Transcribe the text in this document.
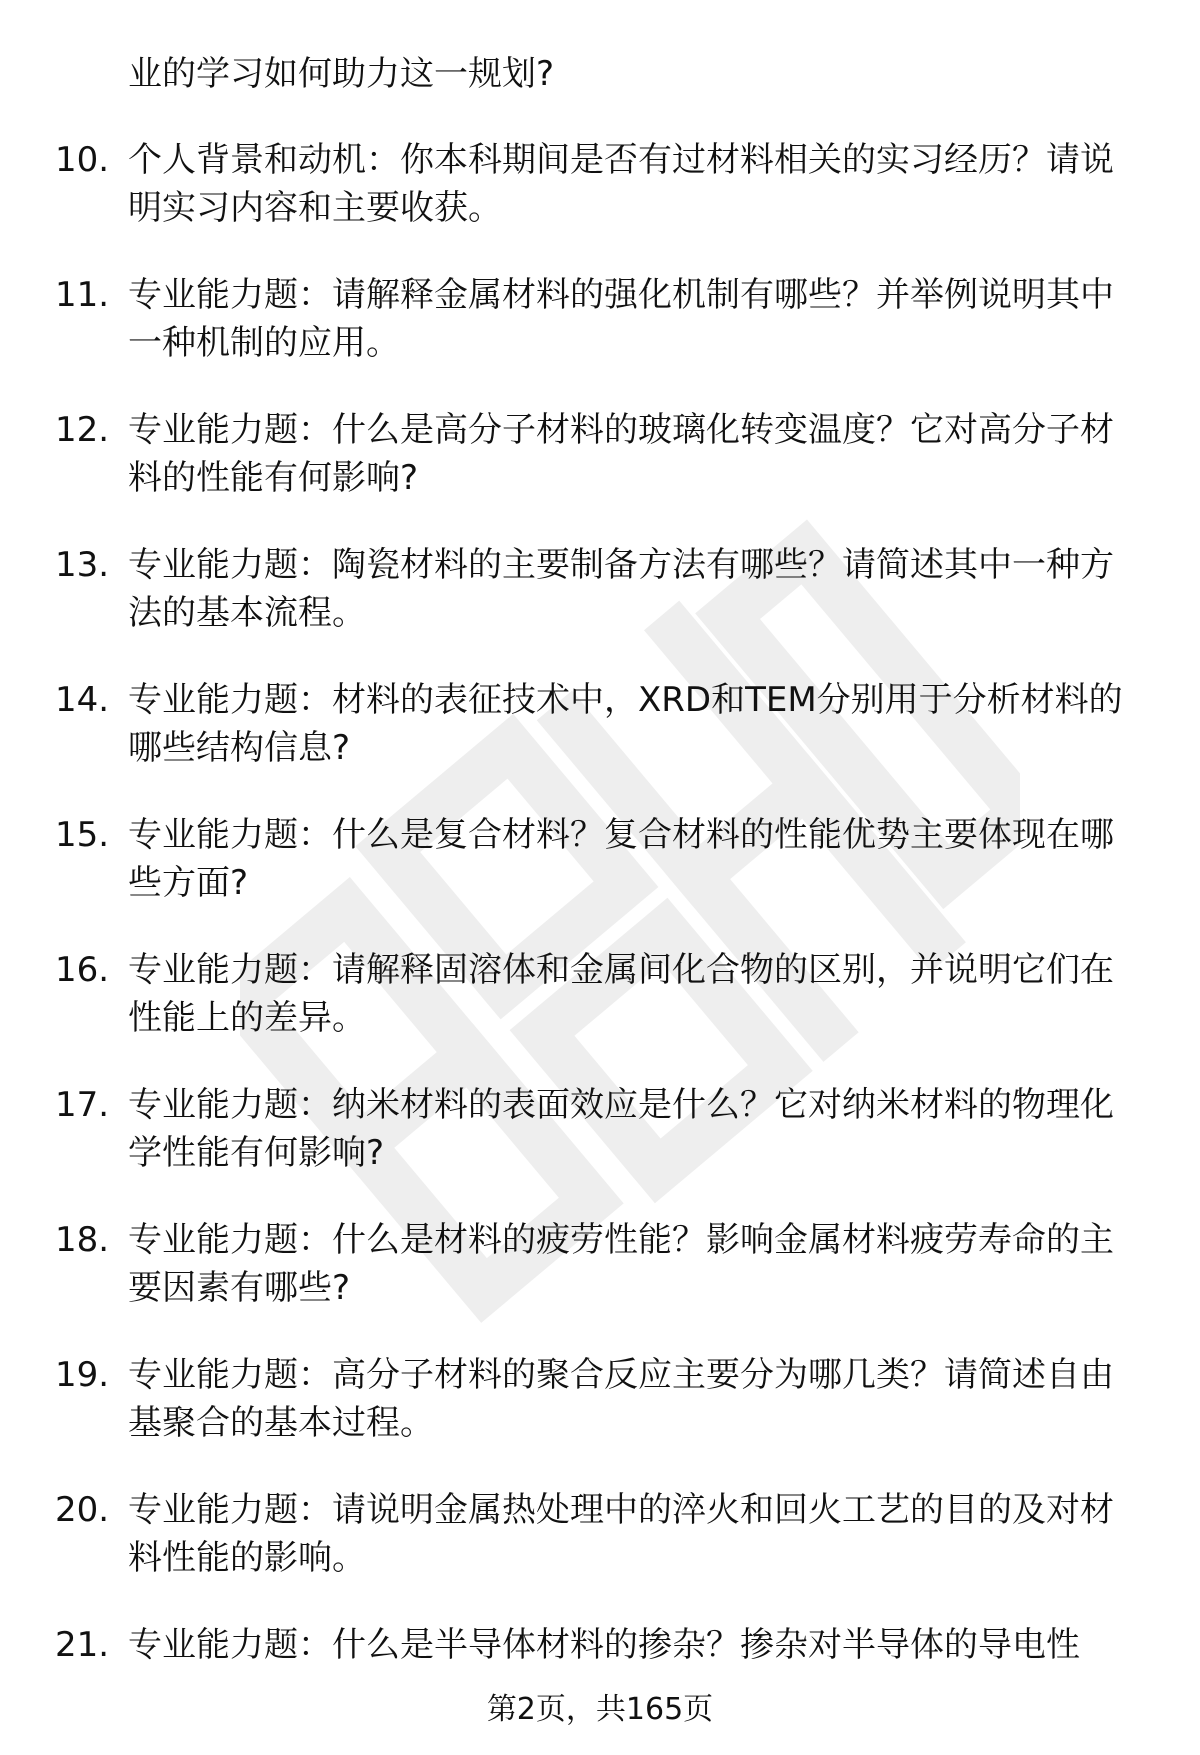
业的学习如何助力这一规划?
10. 个人背景和动机：你本科期间是否有过材料相关的实习经历？请说明实习内容和主要收获。
11. 专业能力题：请解释金属材料的强化机制有哪些？并举例说明其中一种机制的应用。
12. 专业能力题：什么是高分子材料的玻璃化转变温度？它对高分子材料的性能有何影响?
13. 专业能力题：陶瓷材料的主要制备方法有哪些？请简述其中一种方法的基本流程。
14. 专业能力题：材料的表征技术中，XRD和TEM分别用于分析材料的哪些结构信息?
15. 专业能力题：什么是复合材料？复合材料的性能优势主要体现在哪些方面?
16. 专业能力题：请解释固溶体和金属间化合物的区别，并说明它们在性能上的差异。
17. 专业能力题：纳米材料的表面效应是什么？它对纳米材料的物理化学性能有何影响?
18. 专业能力题：什么是材料的疲劳性能？影响金属材料疲劳寿命的主要因素有哪些?
19. 专业能力题：高分子材料的聚合反应主要分为哪几类？请简述自由基聚合的基本过程。
20. 专业能力题：请说明金属热处理中的淬火和回火工艺的目的及对材料性能的影响。
21. 专业能力题：什么是半导体材料的掺杂？掺杂对半导体的导电性
第2页，共165页
